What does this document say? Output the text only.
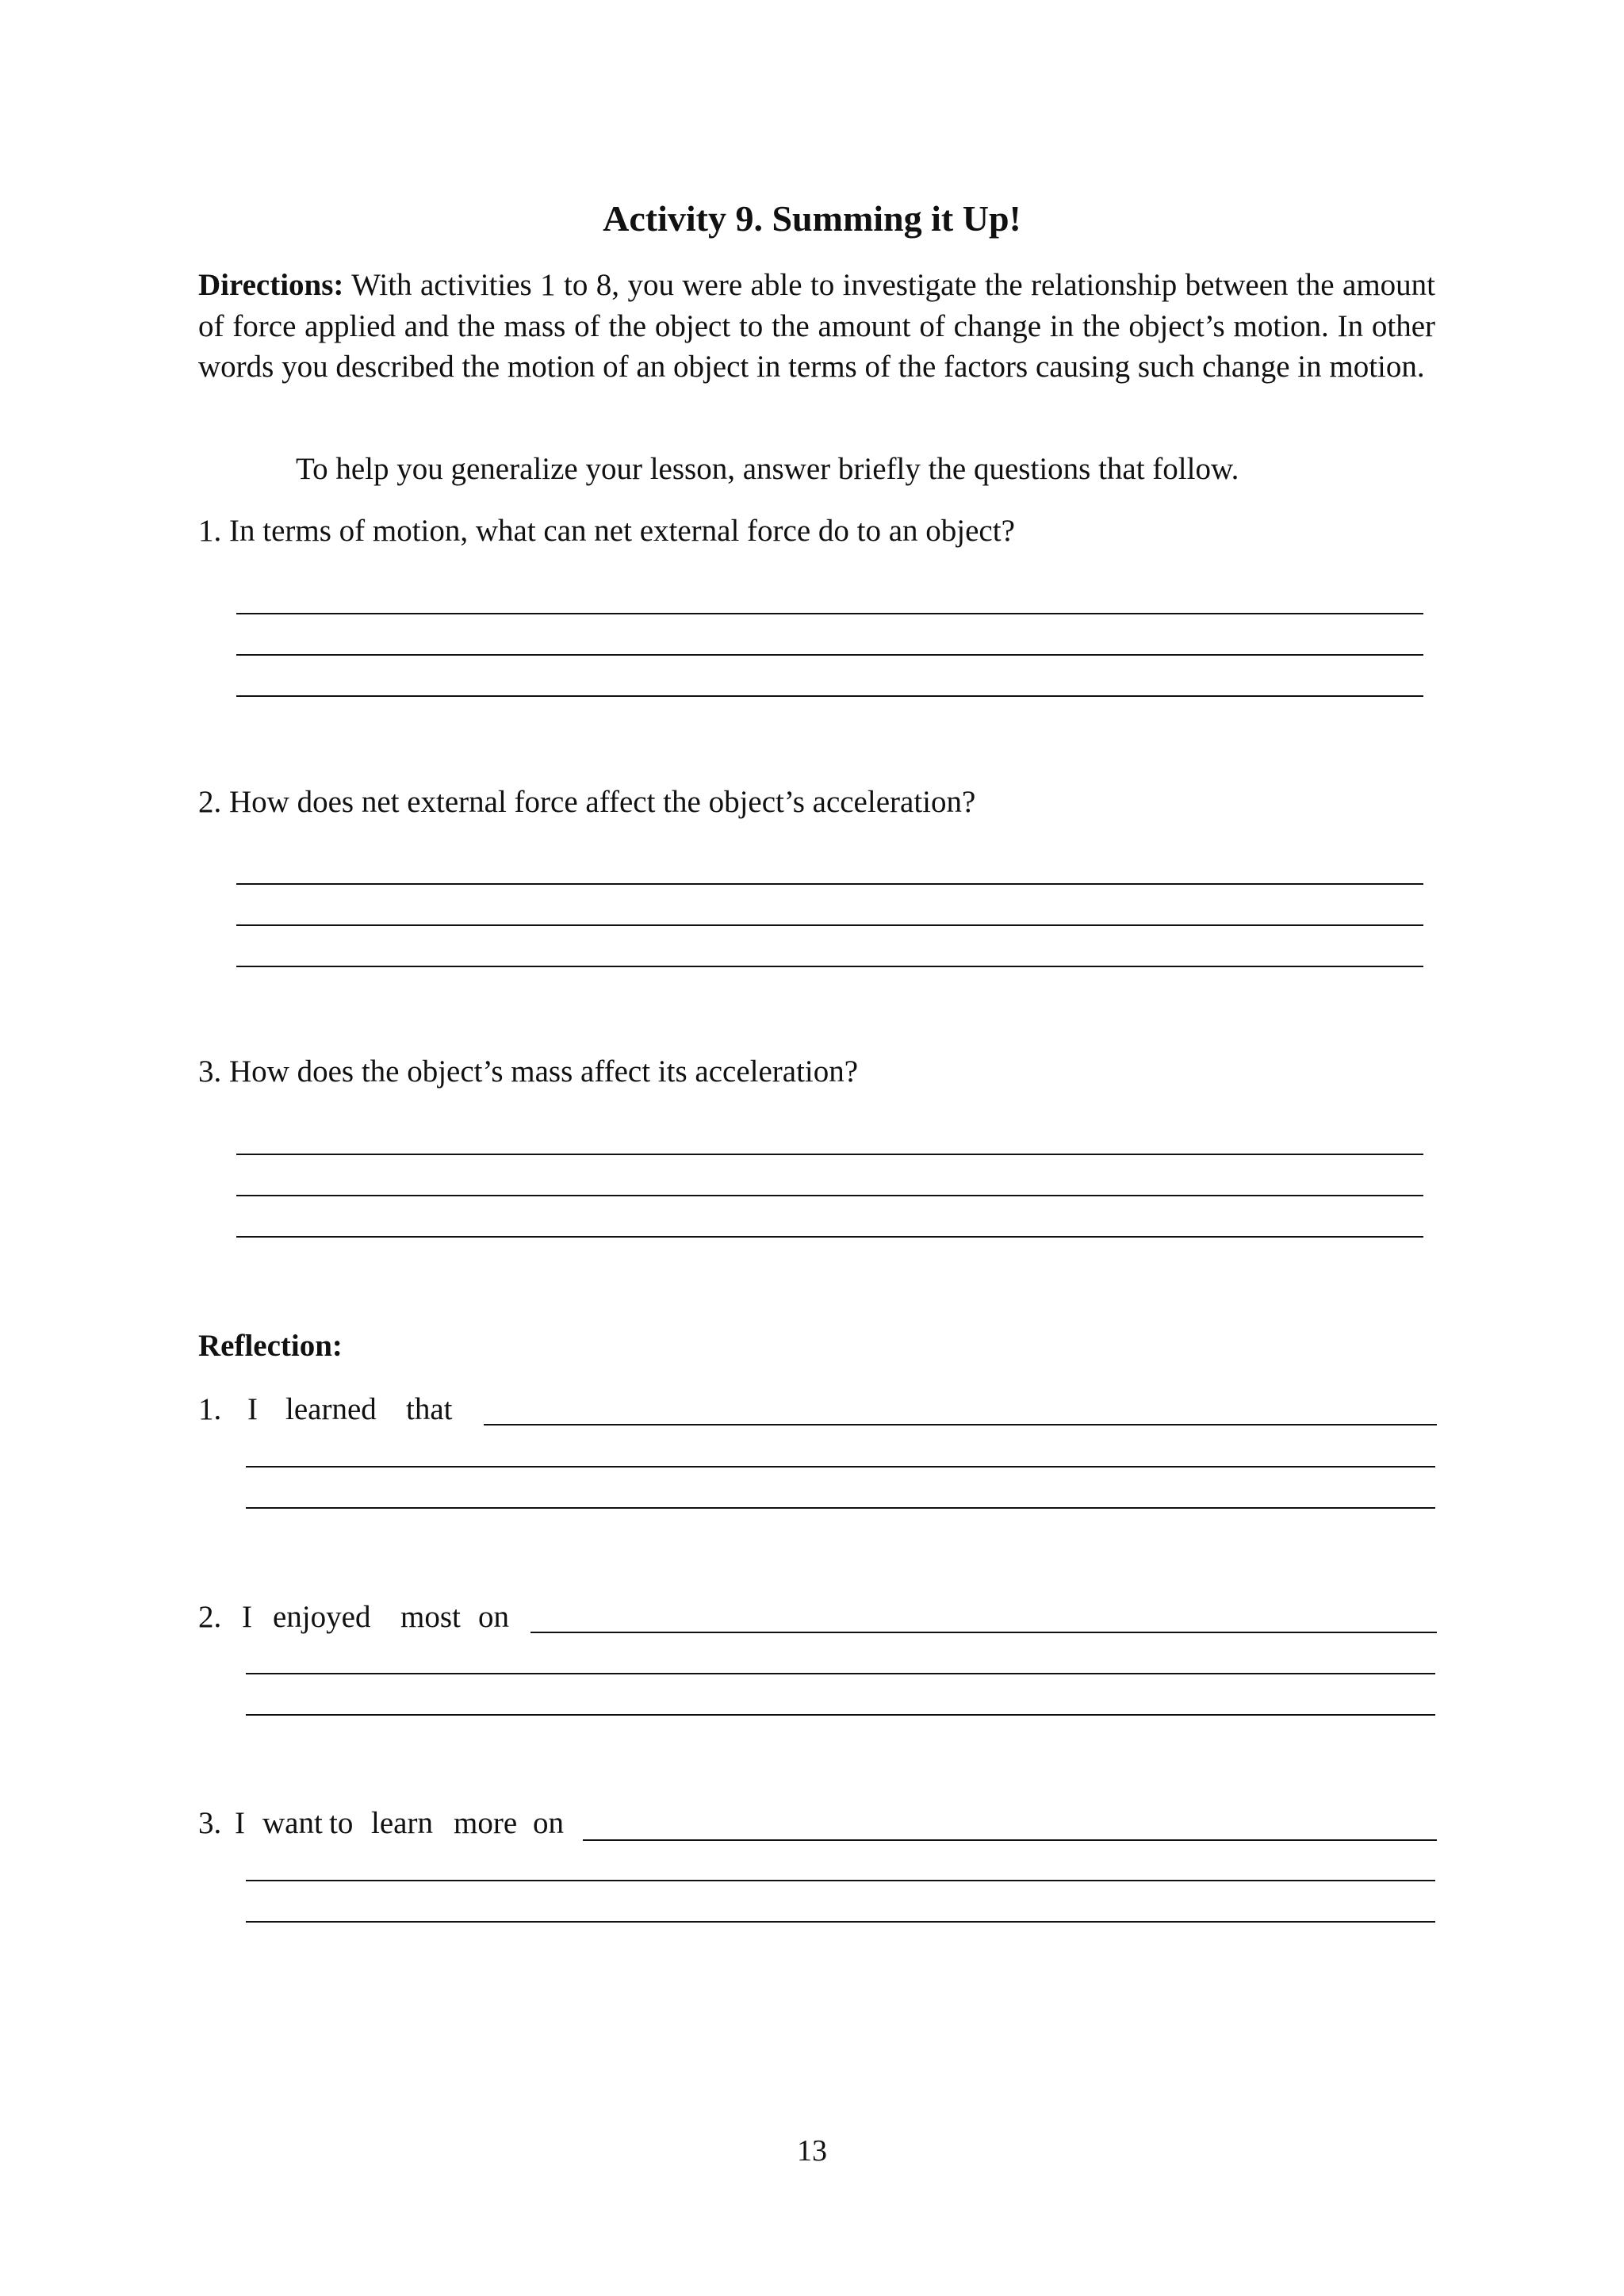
Activity 9. Summing it Up!
Directions: With activities 1 to 8, you were able to investigate the relationship between the amount of force applied and the mass of the object to the amount of change in the object’s motion. In other words you described the motion of an object in terms of the factors causing such change in motion.
To help you generalize your lesson, answer briefly the questions that follow.
1. In terms of motion, what can net external force do to an object?
2. How does net external force affect the object’s acceleration?
3. How does the object’s mass affect its acceleration?
Reflection:
1. I learned that
2. I enjoyed most on
3. I want to learn more on
13
